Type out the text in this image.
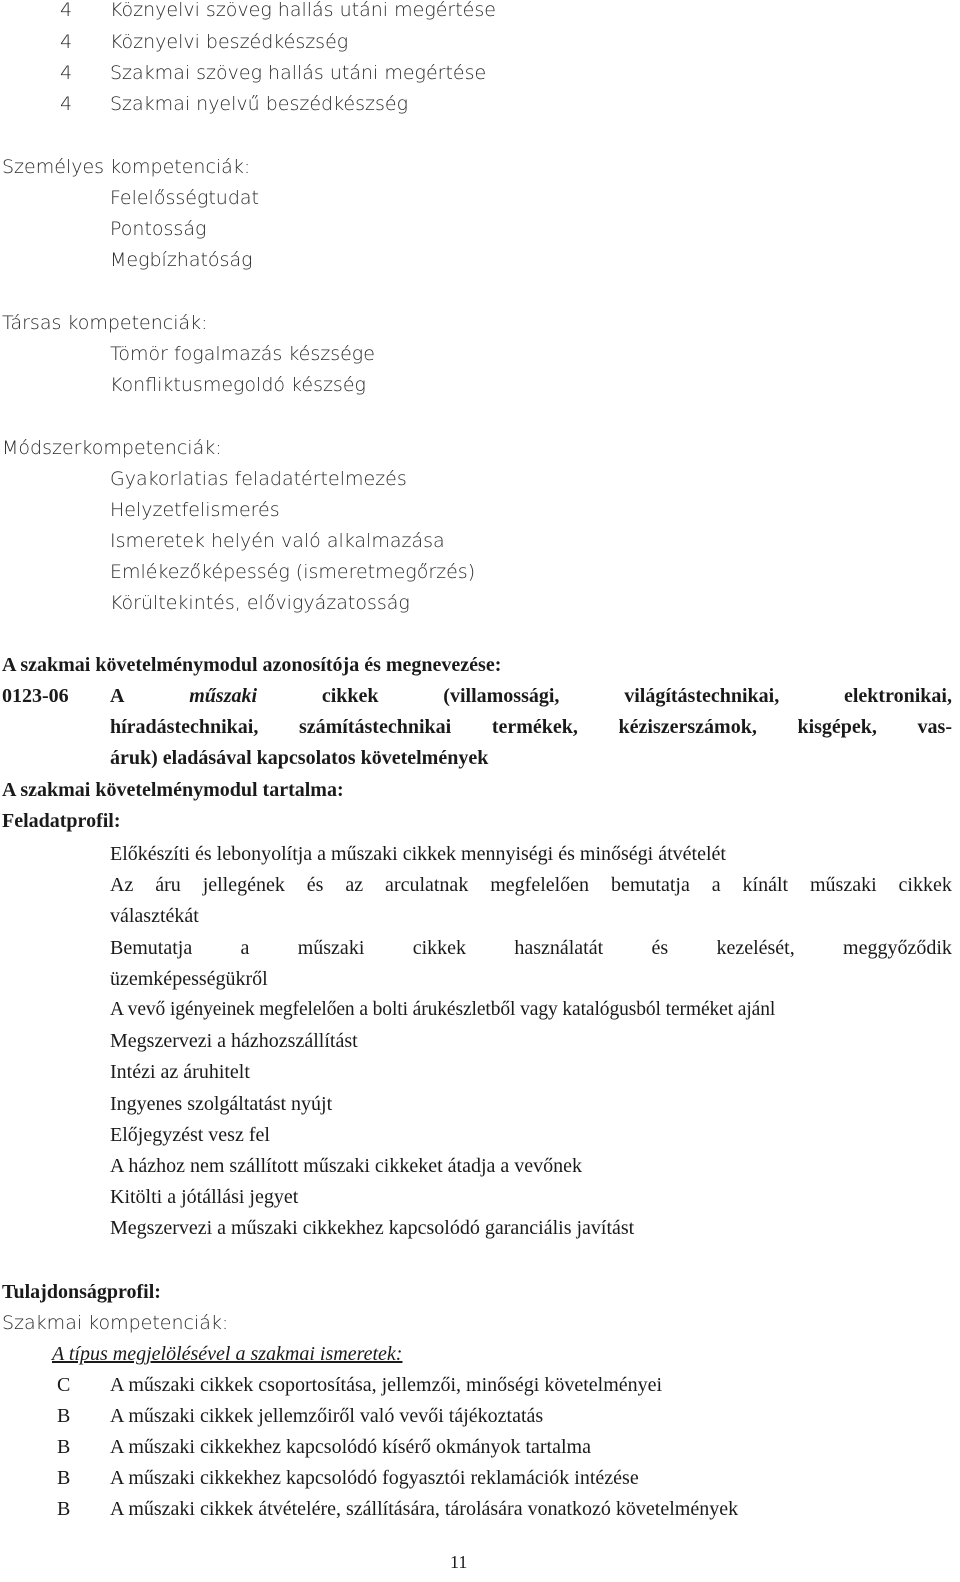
4	Köznyelvi szöveg hallás utáni megértése
4	Köznyelvi beszédkészség
4	Szakmai szöveg hallás utáni megértése
4	Szakmai nyelvű beszédkészség
Személyes kompetenciák:
Felelősségtudat
Pontosság
Megbízhatóság
Társas kompetenciák:
Tömör fogalmazás készsége
Konfliktusmegoldó készség
Módszerkompetenciák:
Gyakorlatias feladatértelmezés
Helyzetfelismerés
Ismeretek helyén való alkalmazása
Emlékezőképesség (ismeretmegőrzés)
Körültekintés, elővigyázatosság
A szakmai követelménymodul azonosítója és megnevezése:
0123-06 A	műszaki	cikkek	(villamossági,	világítástechnikai,	elektronikai,
híradástechnikai, számítástechnikai termékek, kéziszerszámok, kisgépek, vas-
áruk) eladásával kapcsolatos követelmények
A szakmai követelménymodul tartalma:
Feladatprofil:
Előkészíti és lebonyolítja a műszaki cikkek mennyiségi és minőségi átvételét
Az áru jellegének és az arculatnak megfelelően bemutatja a kínált műszaki cikkek
választékát
Bemutatja a műszaki cikkek használatát és kezelését, meggyőződik
üzemképességükről
A vevő igényeinek megfelelően a bolti árukészletből vagy katalógusból terméket ajánl
Megszervezi a házhozszállítást
Intézi az áruhitelt
Ingyenes szolgáltatást nyújt
Előjegyzést vesz fel
A házhoz nem szállított műszaki cikkeket átadja a vevőnek
Kitölti a jótállási jegyet
Megszervezi a műszaki cikkekhez kapcsolódó garanciális javítást
Tulajdonságprofil:
Szakmai kompetenciák:
A típus megjelölésével a szakmai ismeretek:
C	A műszaki cikkek csoportosítása, jellemzői, minőségi követelményei
B	A műszaki cikkek jellemzőiről való vevői tájékoztatás
B	A műszaki cikkekhez kapcsolódó kísérő okmányok tartalma
B	A műszaki cikkekhez kapcsolódó fogyasztói reklamációk intézése
B	A műszaki cikkek átvételére, szállítására, tárolására vonatkozó követelmények
11
